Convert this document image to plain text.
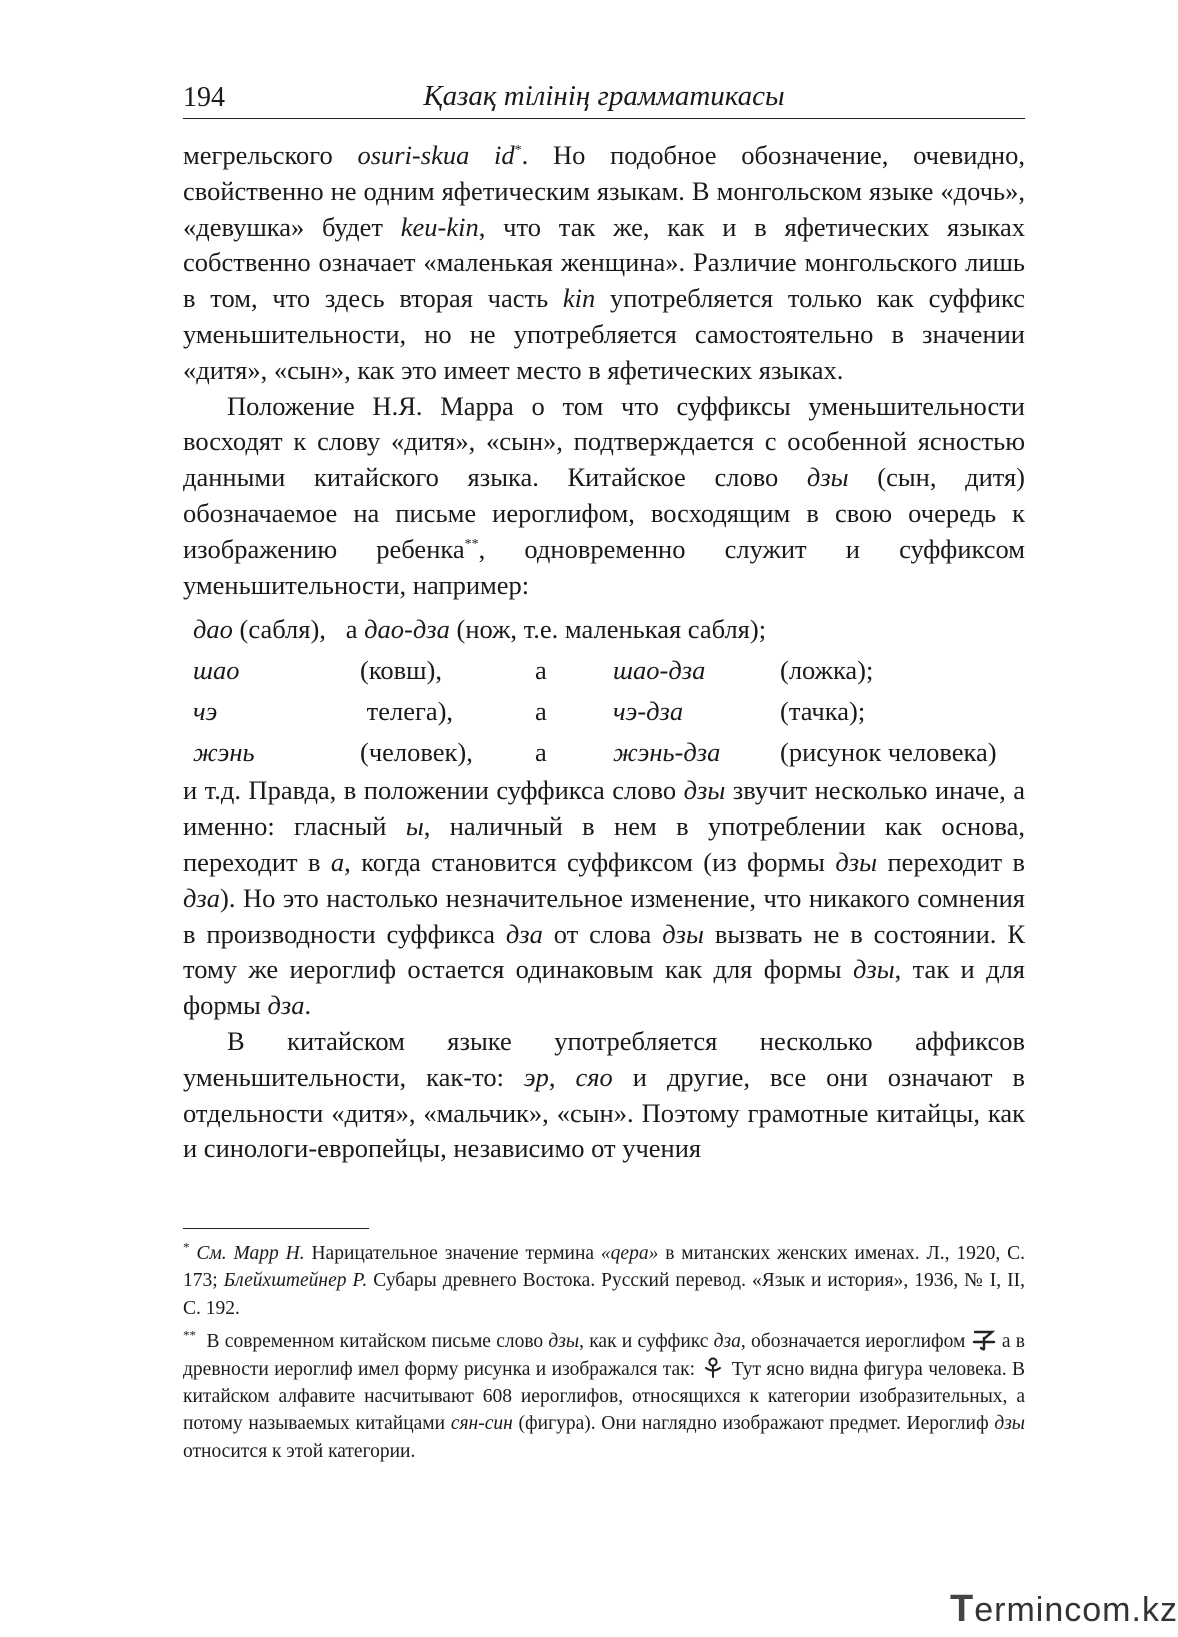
194	Қазақ тілінің грамматикасы

мегрельского osuri-skua id*. Но подобное обозначение, очевидно, свойственно не одним яфетическим языкам. В монгольском языке «дочь», «девушка» будет keu-kin, что так же, как и в яфетических языках собственно означает «маленькая женщина». Различие монгольского лишь в том, что здесь вторая часть kin употребляется только как суффикс уменьшительности, но не употребляется самостоятельно в значении «дитя», «сын», как это имеет место в яфетических языках.

Положение Н.Я. Марра о том что суффиксы уменьшительности восходят к слову «дитя», «сын», подтверждается с особенной ясностью данными китайского языка. Китайское слово дзы (сын, дитя) обозначаемое на письме иероглифом, восходящим в свою очередь к изображению ребенка**, одновременно служит и суффиксом уменьшительности, например:

дао (сабля),   а дао-дза (нож, т.е. маленькая сабля);				
шао	(ковш),	а	шао-дза	(ложка);
чэ	телега),	а	чэ-дза	(тачка);
жэнь	(человек),	а	жэнь-дза	(рисунок человека)

и т.д. Правда, в положении суффикса слово дзы звучит несколько иначе, а именно: гласный ы, наличный в нем в употреблении как основа, переходит в а, когда становится суффиксом (из формы дзы переходит в дза). Но это настолько незначительное изменение, что никакого сомнения в производности суффикса дза от слова дзы вызвать не в состоянии. К тому же иероглиф остается одинаковым как для формы дзы, так и для формы дза.

В китайском языке употребляется несколько аффиксов уменьшительности, как-то: эр, сяо и другие, все они означают в отдельности «дитя», «мальчик», «сын». Поэтому грамотные китайцы, как и синологи-европейцы, независимо от учения

* См. Марр Н. Нарицательное значение термина «qера» в митанских женских именах. Л., 1920, С. 173; Блейхштейнер Р. Субары древнего Востока. Русский перевод. «Язык и история», 1936, № I, II, С. 192.

**  В современном китайском письме слово дзы, как и суффикс дза, обозначается иероглифом  а в древности иероглиф имел форму рисунка и изображался так:  Тут ясно видна фигура человека. В китайском алфавите насчитывают 608 иероглифов, относящихся к категории изобразительных, а потому называемых китайцами сян-син (фигура). Они наглядно изображают предмет. Иероглиф дзы относится к этой категории.

Termincom.kz
